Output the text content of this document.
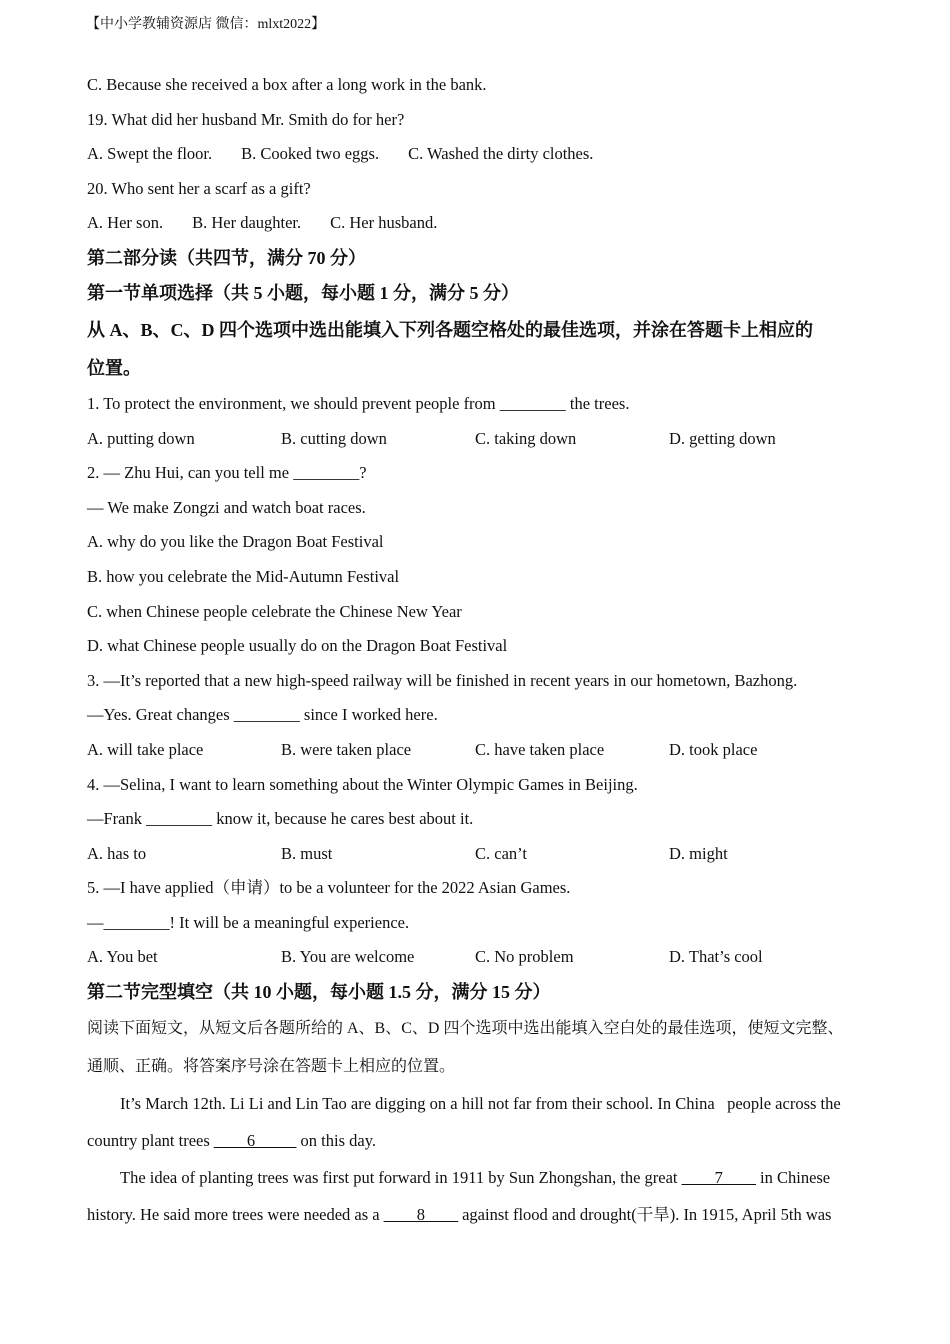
【中小学教辅资源店 微信：mlxt2022】
C. Because she received a box after a long work in the bank.
19. What did her husband Mr. Smith do for her?
A. Swept the floor. B. Cooked two eggs. C. Washed the dirty clothes.
20. Who sent her a scarf as a gift?
A. Her son. B. Her daughter. C. Her husband.
第二部分读（共四节，满分 70 分）
第一节单项选择（共 5 小题，每小题 1 分，满分 5 分）
从 A、B、C、D 四个选项中选出能填入下列各题空格处的最佳选项，并涂在答题卡上相应的
位置。
1. To protect the environment, we should prevent people from ________ the trees.
A. putting down	B. cutting down	C. taking down	D. getting down
2. — Zhu Hui, can you tell me ________?
— We make Zongzi and watch boat races.
A. why do you like the Dragon Boat Festival
B. how you celebrate the Mid-Autumn Festival
C. when Chinese people celebrate the Chinese New Year
D. what Chinese people usually do on the Dragon Boat Festival
3. —It’s reported that a new high-speed railway will be finished in recent years in our hometown, Bazhong.
—Yes. Great changes ________ since I worked here.
A. will take place	B. were taken place	C. have taken place	D. took place
4. —Selina, I want to learn something about the Winter Olympic Games in Beijing.
—Frank ________ know it, because he cares best about it.
A. has to	B. must	C. can’t	D. might
5. —I have applied（申请）to be a volunteer for the 2022 Asian Games.
—________! It will be a meaningful experience.
A. You bet	B. You are welcome	C. No problem	D. That’s cool
第二节完型填空（共 10 小题，每小题 1.5 分，满分 15 分）
阅读下面短文，从短文后各题所给的 A、B、C、D 四个选项中选出能填入空白处的最佳选项，使短文完整、
通顺、正确。将答案序号涂在答题卡上相应的位置。
It’s March 12th. Li Li and Lin Tao are digging on a hill not far from their school. In China   people across the
country plant trees ____6_____ on this day.
The idea of planting trees was first put forward in 1911 by Sun Zhongshan, the great ____7____ in Chinese
history. He said more trees were needed as a ____8____ against flood and drought(干旱). In 1915, April 5th was
